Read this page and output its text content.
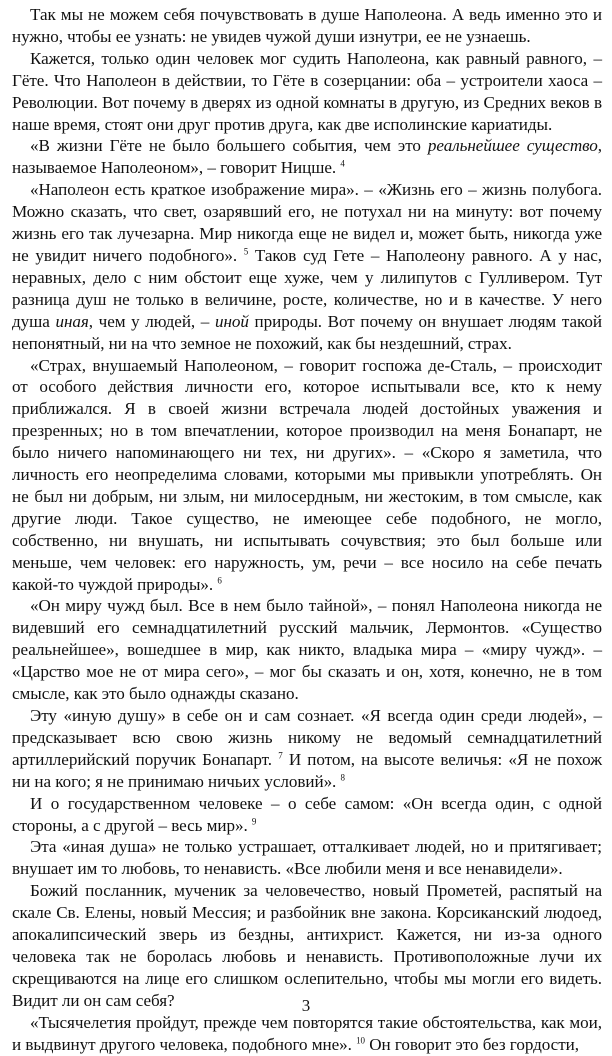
Так мы не можем себя почувствовать в душе Наполеона. А ведь именно это и нужно, чтобы ее узнать: не увидев чужой души изнутри, ее не узнаешь.

Кажется, только один человек мог судить Наполеона, как равный равного, – Гёте. Что Наполеон в действии, то Гёте в созерцании: оба – устроители хаоса – Революции. Вот почему в дверях из одной комнаты в другую, из Средних веков в наше время, стоят они друг против друга, как две исполинские кариатиды.

«В жизни Гёте не было большего события, чем это реальнейшее существо, называемое Наполеоном», – говорит Ницше. $^4$

«Наполеон есть краткое изображение мира». – «Жизнь его – жизнь полубога. Можно сказать, что свет, озарявший его, не потухал ни на минуту: вот почему жизнь его так лучезарна. Мир никогда еще не видел и, может быть, никогда уже не увидит ничего подобного». $^5$ Таков суд Гете – Наполеону равного. А у нас, неравных, дело с ним обстоит еще хуже, чем у лилипутов с Гулливером. Тут разница душ не только в величине, росте, количестве, но и в качестве. У него душа иная, чем у людей, – иной природы. Вот почему он внушает людям такой непонятный, ни на что земное не похожий, как бы нездешний, страх.

«Страх, внушаемый Наполеоном, – говорит госпожа де-Сталь, – происходит от особого действия личности его, которое испытывали все, кто к нему приближался. Я в своей жизни встречала людей достойных уважения и презренных; но в том впечатлении, которое производил на меня Бонапарт, не было ничего напоминающего ни тех, ни других». – «Скоро я заметила, что личность его неопределима словами, которыми мы привыкли употреблять. Он не был ни добрым, ни злым, ни милосердным, ни жестоким, в том смысле, как другие люди. Такое существо, не имеющее себе подобного, не могло, собственно, ни внушать, ни испытывать сочувствия; это был больше или меньше, чем человек: его наружность, ум, речи – все носило на себе печать какой-то чуждой природы». $^6$

«Он миру чужд был. Все в нем было тайной», – понял Наполеона никогда не видевший его семнадцатилетний русский мальчик, Лермонтов. «Существо реальнейшее», вошедшее в мир, как никто, владыка мира – «миру чужд». – «Царство мое не от мира сего», – мог бы сказать и он, хотя, конечно, не в том смысле, как это было однажды сказано.

Эту «иную душу» в себе он и сам сознает. «Я всегда один среди людей», – предсказывает всю свою жизнь никому не ведомый семнадцатилетний артиллерийский поручик Бонапарт. $^7$ И потом, на высоте величья: «Я не похож ни на кого; я не принимаю ничьих условий». $^8$

И о государственном человеке – о себе самом: «Он всегда один, с одной стороны, а с другой – весь мир». $^9$

Эта «иная душа» не только устрашает, отталкивает людей, но и притягивает; внушает им то любовь, то ненависть. «Все любили меня и все ненавидели».

Божий посланник, мученик за человечество, новый Прометей, распятый на скале Св. Елены, новый Мессия; и разбойник вне закона. Корсиканский людоед, апокалипсический зверь из бездны, антихрист. Кажется, ни из-за одного человека так не боролась любовь и ненависть. Противоположные лучи их скрещиваются на лице его слишком ослепительно, чтобы мы могли его видеть. Видит ли он сам себя?

«Тысячелетия пройдут, прежде чем повторятся такие обстоятельства, как мои, и выдвинут другого человека, подобного мне». $^{10}$ Он говорит это без гордости,

3
